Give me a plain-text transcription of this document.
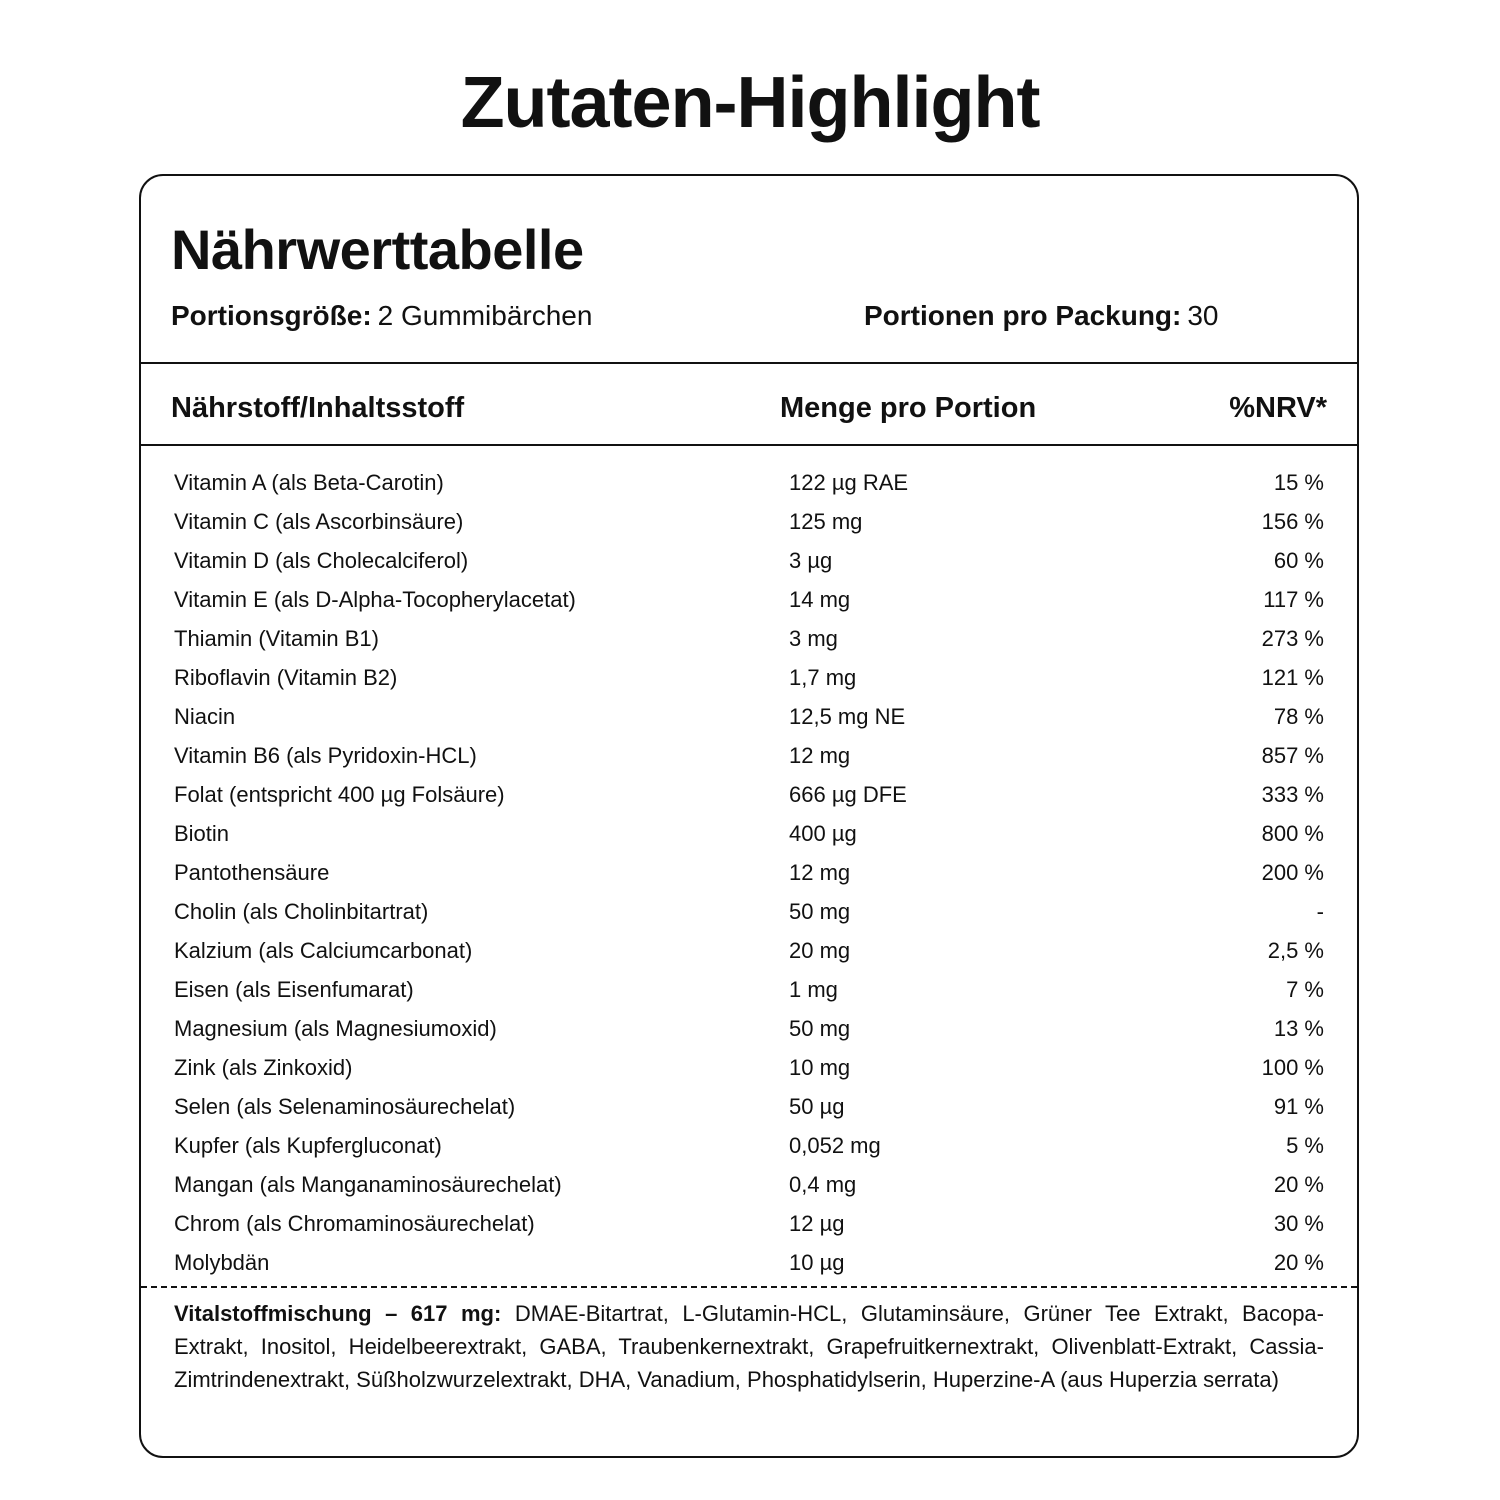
Zutaten-Highlight
Nährwerttabelle
Portionsgröße: 2 Gummibärchen	Portionen pro Packung: 30
Nährstoff/Inhaltsstoff	Menge pro Portion	%NRV*
Vitamin A (als Beta-Carotin)	122 µg RAE	15 %
Vitamin C (als Ascorbinsäure)	125 mg	156 %
Vitamin D (als Cholecalciferol)	3 µg	60 %
Vitamin E (als D-Alpha-Tocopherylacetat)	14 mg	117 %
Thiamin (Vitamin B1)	3 mg	273 %
Riboflavin (Vitamin B2)	1,7 mg	121 %
Niacin	12,5 mg NE	78 %
Vitamin B6 (als Pyridoxin-HCL)	12 mg	857 %
Folat (entspricht 400 µg Folsäure)	666 µg DFE	333 %
Biotin	400 µg	800 %
Pantothensäure	12 mg	200 %
Cholin (als Cholinbitartrat)	50 mg	-
Kalzium (als Calciumcarbonat)	20 mg	2,5 %
Eisen (als Eisenfumarat)	1 mg	7 %
Magnesium (als Magnesiumoxid)	50 mg	13 %
Zink (als Zinkoxid)	10 mg	100 %
Selen (als Selenaminosäurechelat)	50 µg	91 %
Kupfer (als Kupfergluconat)	0,052 mg	5 %
Mangan (als Manganaminosäurechelat)	0,4 mg	20 %
Chrom (als Chromaminosäurechelat)	12 µg	30 %
Molybdän	10 µg	20 %
Vitalstoffmischung – 617 mg: DMAE-Bitartrat, L-Glutamin-HCL, Glutaminsäure, Grüner Tee Extrakt, Bacopa-Extrakt, Inositol, Heidelbeerextrakt, GABA, Traubenkernextrakt, Grapefruitkernextrakt, Olivenblatt-Extrakt, Cassia-Zimtrindenextrakt, Süßholzwurzelextrakt, DHA, Vanadium, Phosphatidylserin, Huperzine-A (aus Huperzia serrata)
